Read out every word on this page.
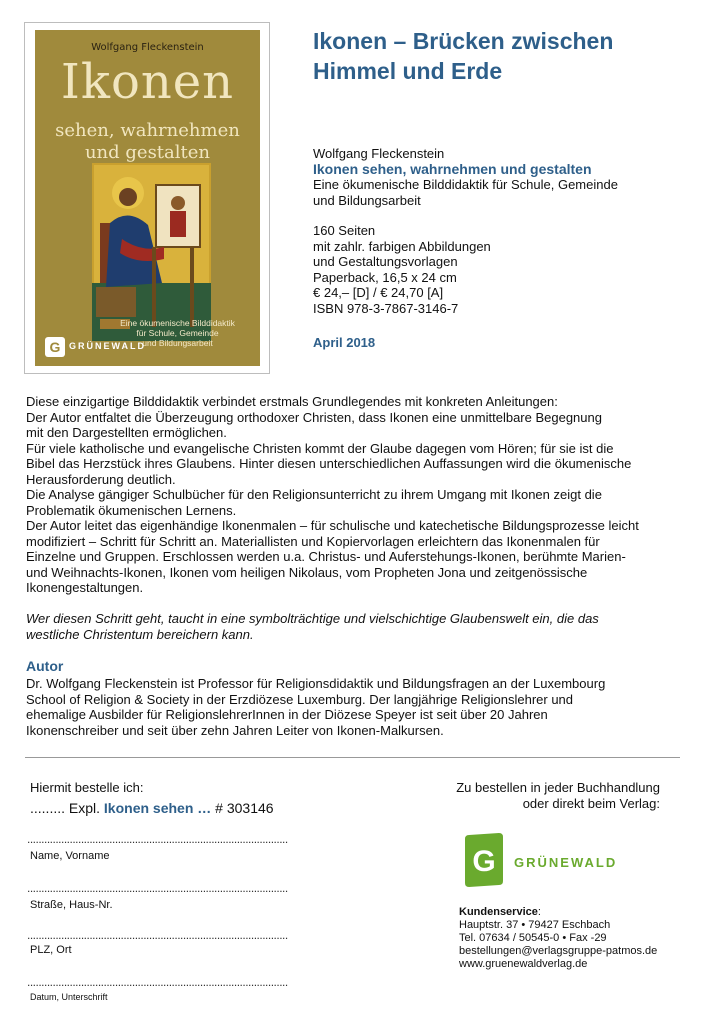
Wolfgang Fleckenstein
Ikonen
sehen, wahrnehmen
und gestalten
Eine ökumenische Bilddidaktik
für Schule, Gemeinde
und Bildungsarbeit
G GRÜNEWALD
Ikonen – Brücken zwischen
Himmel und Erde
Wolfgang Fleckenstein
Ikonen sehen, wahrnehmen und gestalten
Eine ökumenische Bilddidaktik für Schule, Gemeinde
und Bildungsarbeit
160 Seiten
mit zahlr. farbigen Abbildungen
und Gestaltungsvorlagen
Paperback, 16,5 x 24 cm
€ 24,– [D] / € 24,70 [A]
ISBN 978-3-7867-3146-7
April 2018
Diese einzigartige Bilddidaktik verbindet erstmals Grundlegendes mit konkreten Anleitungen:
Der Autor entfaltet die Überzeugung orthodoxer Christen, dass Ikonen eine unmittelbare Begegnung
mit den Dargestellten ermöglichen.
Für viele katholische und evangelische Christen kommt der Glaube dagegen vom Hören; für sie ist die
Bibel das Herzstück ihres Glaubens. Hinter diesen unterschiedlichen Auffassungen wird die ökumenische
Herausforderung deutlich.
Die Analyse gängiger Schulbücher für den Religionsunterricht zu ihrem Umgang mit Ikonen zeigt die
Problematik ökumenischen Lernens.
Der Autor leitet das eigenhändige Ikonenmalen – für schulische und katechetische Bildungsprozesse leicht
modifiziert – Schritt für Schritt an. Materiallisten und Kopiervorlagen erleichtern das Ikonenmalen für
Einzelne und Gruppen. Erschlossen werden u.a. Christus- und Auferstehungs-Ikonen, berühmte Marien-
und Weihnachts-Ikonen, Ikonen vom heiligen Nikolaus, vom Propheten Jona und zeitgenössische
Ikonengestaltungen.
Wer diesen Schritt geht, taucht in eine symbolträchtige und vielschichtige Glaubenswelt ein, die das
westliche Christentum bereichern kann.
Autor
Dr. Wolfgang Fleckenstein ist Professor für Religionsdidaktik und Bildungsfragen an der Luxembourg
School of Religion & Society in der Erzdiözese Luxemburg. Der langjährige Religionslehrer und
ehemalige Ausbilder für ReligionslehrerInnen in der Diözese Speyer ist seit über 20 Jahren
Ikonenschreiber und seit über zehn Jahren Leiter von Ikonen-Malkursen.
Hiermit bestelle ich:
......... Expl. Ikonen sehen … # 303146
............................................................................................
Name, Vorname
............................................................................................
Straße, Haus-Nr.
............................................................................................
PLZ, Ort
............................................................................................
Datum, Unterschrift
Zu bestellen in jeder Buchhandlung
oder direkt beim Verlag:
G GRÜNEWALD
Kundenservice:
Hauptstr. 37 • 79427 Eschbach
Tel. 07634 / 50545-0 • Fax -29
bestellungen@verlagsgruppe-patmos.de
www.gruenewaldverlag.de
